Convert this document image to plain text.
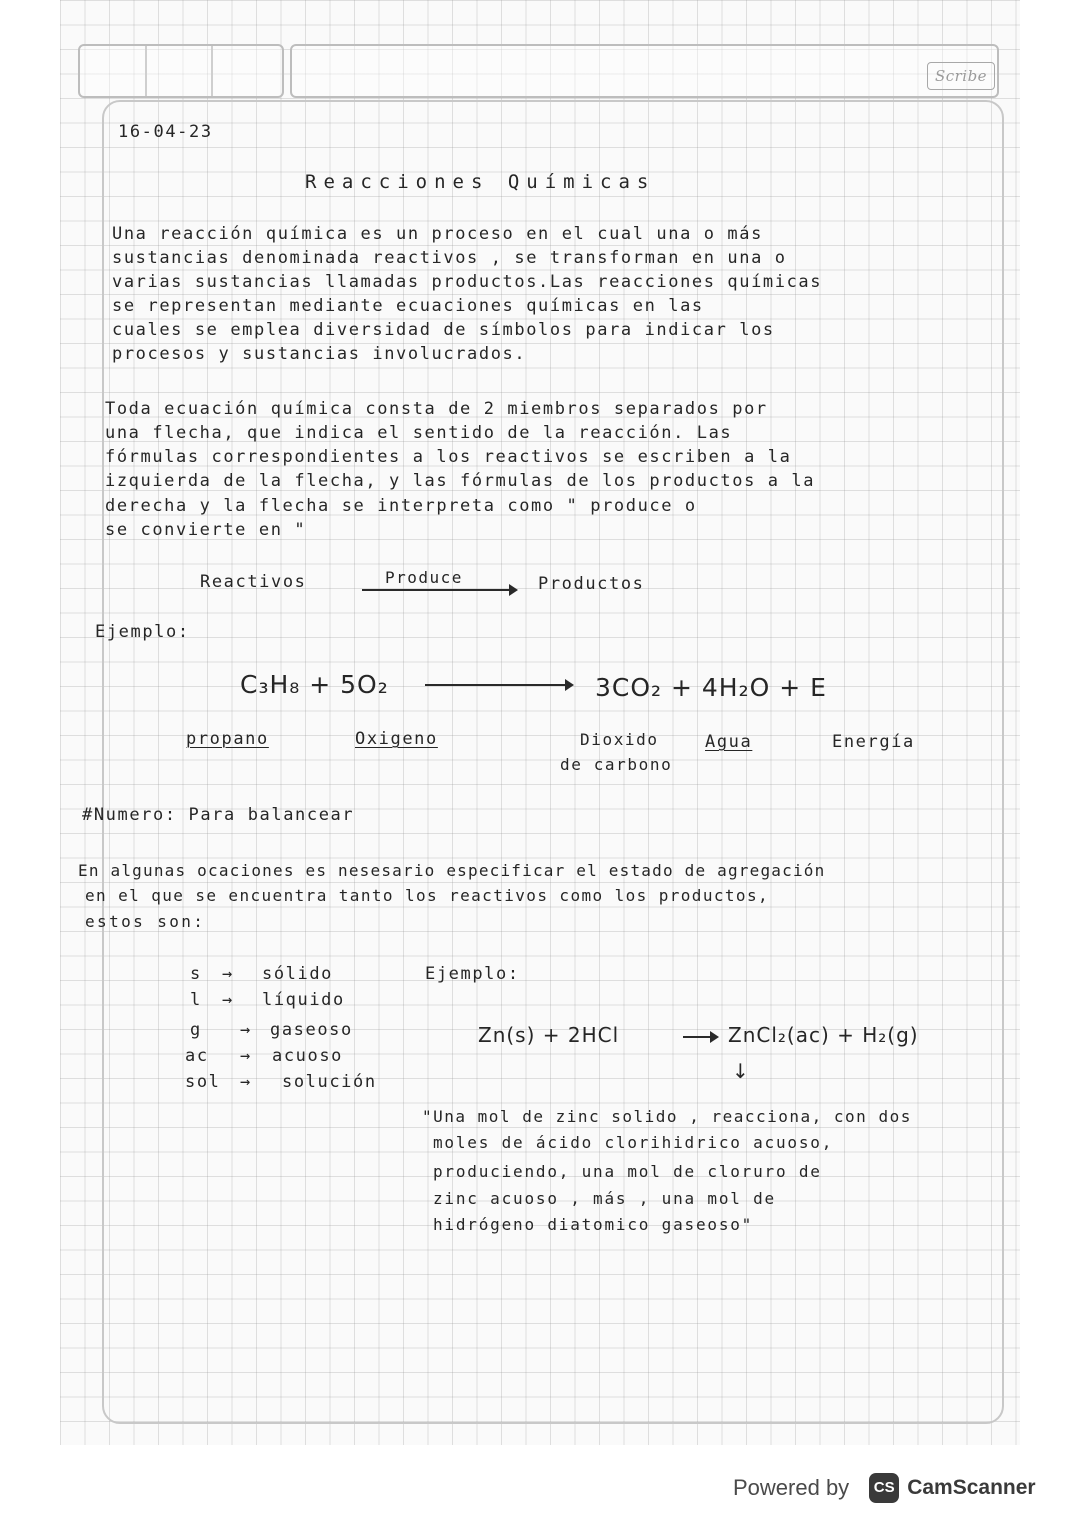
Scribe
16-04-23
Reacciones Químicas
Una reacción química es un proceso en el cual una o más
sustancias denominada reactivos , se transforman en una o
varias sustancias llamadas productos.Las reacciones químicas
se representan mediante ecuaciones químicas en las
cuales se emplea diversidad de símbolos para indicar los
procesos y sustancias involucrados.
Toda ecuación química consta de 2 miembros separados por
una flecha, que indica el sentido de la reacción. Las
fórmulas correspondientes a los reactivos se escriben a la
izquierda de la flecha, y las fórmulas de los productos a la
derecha y la flecha se interpreta como " produce o
se convierte en "
Reactivos	Produce	Productos
Ejemplo:
C₃H₈ + 5O₂	3CO₂ + 4H₂O + E
propano	Oxigeno	Dioxido
de carbono
Agua	Energía
#Numero: Para balancear
En algunas ocaciones es nesesario especificar el estado de agregación
en el que se encuentra tanto los reactivos como los productos,
estos son:
s	→ sólido
l	→ líquido
g	→ gaseoso
ac	→ acuoso
sol	→ solución
Ejemplo:
Zn(s) + 2HCl	ZnCl₂(ac) + H₂(g)
↓
"Una mol de zinc solido , reacciona, con dos
moles de ácido clorihidrico acuoso,
produciendo, una mol de cloruro de
zinc acuoso , más , una mol de
hidrógeno diatomico gaseoso"
Powered by	CS CamScanner
